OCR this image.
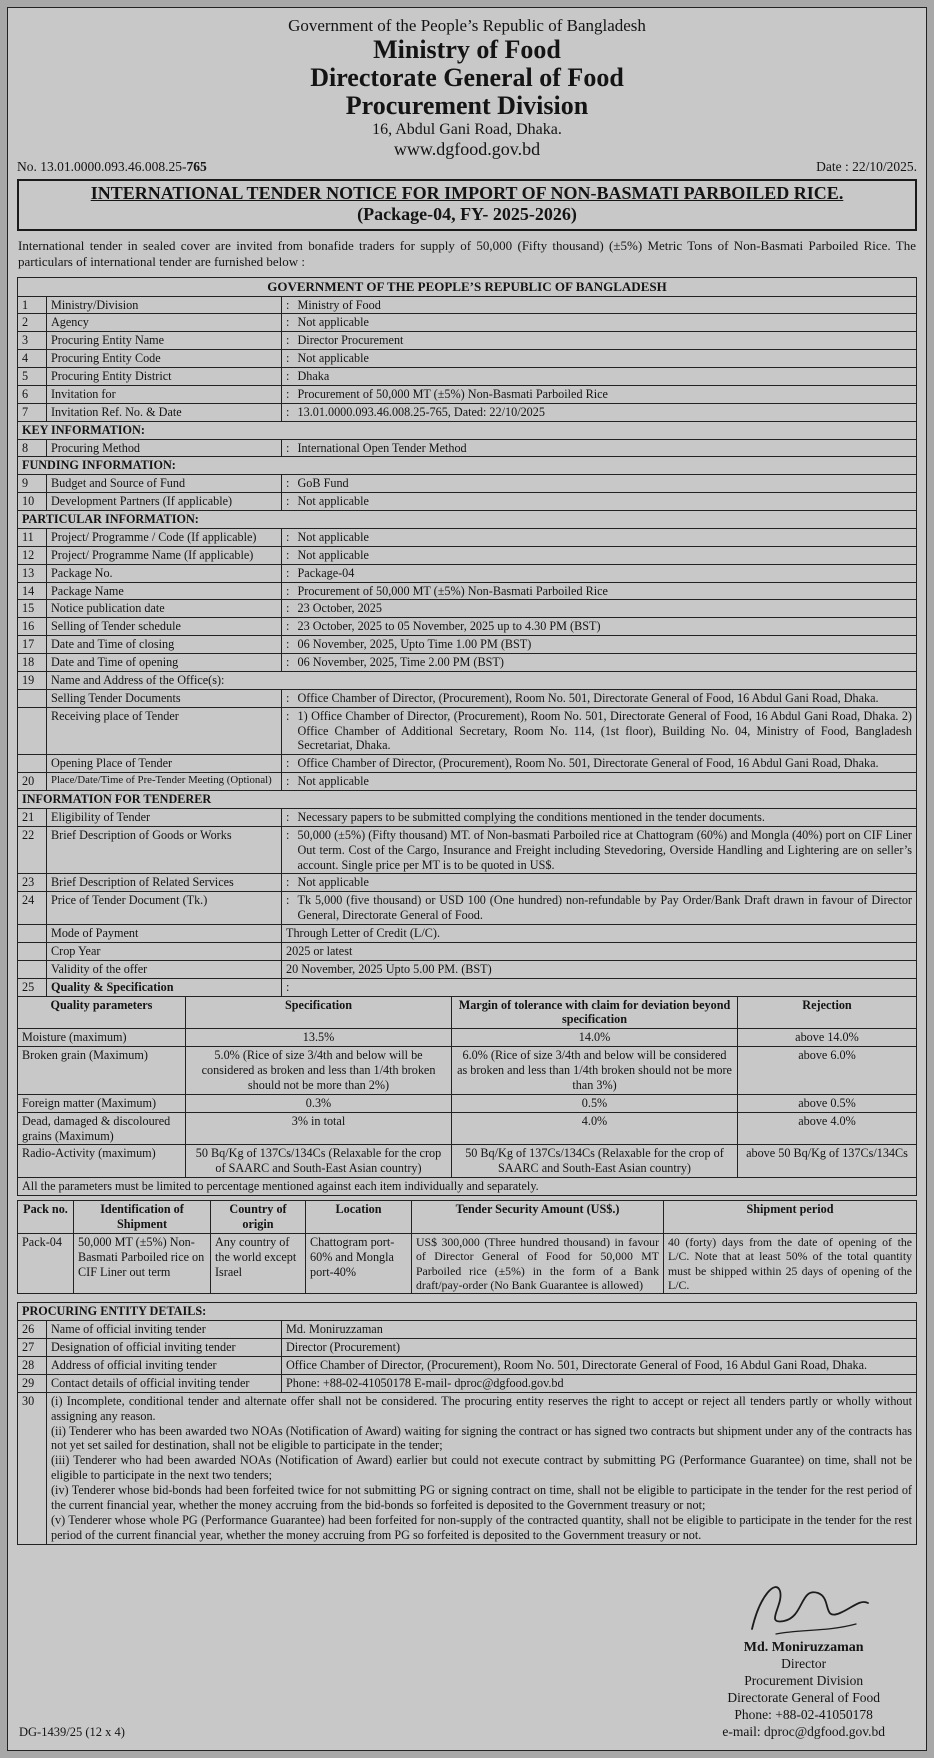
Government of the People’s Republic of Bangladesh
Ministry of Food
Directorate General of Food
Procurement Division
16, Abdul Gani Road, Dhaka.
www.dgfood.gov.bd
No. 13.01.0000.093.46.008.25-765	Date : 22/10/2025.
INTERNATIONAL TENDER NOTICE FOR IMPORT OF NON-BASMATI PARBOILED RICE.
(Package-04, FY- 2025-2026)
International tender in sealed cover are invited from bonafide traders for supply of 50,000 (Fifty thousand) (±5%) Metric Tons of Non-Basmati Parboiled Rice. The particulars of international tender are furnished below :
GOVERNMENT OF THE PEOPLE’S REPUBLIC OF BANGLADESH			
1	Ministry/Division	:	Ministry of Food
2	Agency	:	Not applicable
3	Procuring Entity Name	:	Director Procurement
4	Procuring Entity Code	:	Not applicable
5	Procuring Entity District	:	Dhaka
6	Invitation for	:	Procurement of 50,000 MT (±5%) Non-Basmati Parboiled Rice
7	Invitation Ref. No. & Date	:	13.01.0000.093.46.008.25-765, Dated: 22/10/2025
KEY INFORMATION:			
8	Procuring Method	:	International Open Tender Method
FUNDING INFORMATION:			
9	Budget and Source of Fund	:	GoB Fund
10	Development Partners (If applicable)	:	Not applicable
PARTICULAR INFORMATION:			
11	Project/ Programme / Code (If applicable)	:	Not applicable
12	Project/ Programme Name (If applicable)	:	Not applicable
13	Package No.	:	Package-04
14	Package Name	:	Procurement of 50,000 MT (±5%) Non-Basmati Parboiled Rice
15	Notice publication date	:	23 October, 2025
16	Selling of Tender schedule	:	23 October, 2025 to 05 November, 2025 up to 4.30 PM (BST)
17	Date and Time of closing	:	06 November, 2025, Upto Time 1.00 PM (BST)
18	Date and Time of opening	:	06 November, 2025, Time 2.00 PM (BST)
19	Name and Address of the Office(s):		
	Selling Tender Documents	:	Office Chamber of Director, (Procurement), Room No. 501, Directorate General of Food, 16 Abdul Gani Road, Dhaka.
	Receiving place of Tender	:	1) Office Chamber of Director, (Procurement), Room No. 501, Directorate General of Food, 16 Abdul Gani Road, Dhaka. 2) Office Chamber of Additional Secretary, Room No. 114, (1st floor), Building No. 04, Ministry of Food, Bangladesh Secretariat, Dhaka.
	Opening Place of Tender	:	Office Chamber of Director, (Procurement), Room No. 501, Directorate General of Food, 16 Abdul Gani Road, Dhaka.
20	Place/Date/Time of Pre-Tender Meeting (Optional)	:	Not applicable
INFORMATION FOR TENDERER			
21	Eligibility of Tender	:	Necessary papers to be submitted complying the conditions mentioned in the tender documents.
22	Brief Description of Goods or Works	:	50,000 (±5%) (Fifty thousand) MT. of Non-basmati Parboiled rice at Chattogram (60%) and Mongla (40%) port on CIF Liner Out term. Cost of the Cargo, Insurance and Freight including Stevedoring, Overside Handling and Lightering are on seller’s account. Single price per MT is to be quoted in US$.
23	Brief Description of Related Services	:	Not applicable
24	Price of Tender Document (Tk.)	:	Tk 5,000 (five thousand) or USD 100 (One hundred) non-refundable by Pay Order/Bank Draft drawn in favour of Director General, Directorate General of Food.
	Mode of Payment	Through Letter of Credit (L/C).	
	Crop Year	2025 or latest	
	Validity of the offer	20 November, 2025 Upto 5.00 PM. (BST)	
25	Quality & Specification	:	
Quality parameters	Specification	Margin of tolerance with claim for deviation beyond specification	Rejection
Moisture (maximum)	13.5%	14.0%	above 14.0%
Broken grain (Maximum)	5.0% (Rice of size 3/4th and below will be considered as broken and less than 1/4th broken should not be more than 2%)	6.0% (Rice of size 3/4th and below will be considered as broken and less than 1/4th broken should not be more than 3%)	above 6.0%
Foreign matter (Maximum)	0.3%	0.5%	above 0.5%
Dead, damaged & discoloured grains (Maximum)	3% in total	4.0%	above 4.0%
Radio-Activity (maximum)	50 Bq/Kg of 137Cs/134Cs (Relaxable for the crop of SAARC and South-East Asian country)	50 Bq/Kg of 137Cs/134Cs (Relaxable for the crop of SAARC and South-East Asian country)	above 50 Bq/Kg of 137Cs/134Cs
All the parameters must be limited to percentage mentioned against each item individually and separately.			
Pack no.	Identification of Shipment	Country of origin	Location	Tender Security Amount (US$.)	Shipment period
Pack-04	50,000 MT (±5%) Non-Basmati Parboiled rice on CIF Liner out term	Any country of the world except Israel	Chattogram port-60% and Mongla port-40%	US$ 300,000 (Three hundred thousand) in favour of Director General of Food for 50,000 MT Parboiled rice (±5%) in the form of a Bank draft/pay-order (No Bank Guarantee is allowed)	40 (forty) days from the date of opening of the L/C. Note that at least 50% of the total quantity must be shipped within 25 days of opening of the L/C.
PROCURING ENTITY DETAILS:		
26	Name of official inviting tender	Md. Moniruzzaman
27	Designation of official inviting tender	Director (Procurement)
28	Address of official inviting tender	Office Chamber of Director, (Procurement), Room No. 501, Directorate General of Food, 16 Abdul Gani Road, Dhaka.
29	Contact details of official inviting tender	Phone: +88-02-41050178 E-mail- dproc@dgfood.gov.bd
30	(i) Incomplete, conditional tender and alternate offer shall not be considered. The procuring entity reserves the right to accept or reject all tenders partly or wholly without assigning any reason.
(ii) Tenderer who has been awarded two NOAs (Notification of Award) waiting for signing the contract or has signed two contracts but shipment under any of the contracts has not yet set sailed for destination, shall not be eligible to participate in the tender;
(iii) Tenderer who had been awarded NOAs (Notification of Award) earlier but could not execute contract by submitting PG (Performance Guarantee) on time, shall not be eligible to participate in the next two tenders;
(iv) Tenderer whose bid-bonds had been forfeited twice for not submitting PG or signing contract on time, shall not be eligible to participate in the tender for the rest period of the current financial year, whether the money accruing from the bid-bonds so forfeited is deposited to the Government treasury or not;
(v) Tenderer whose whole PG (Performance Guarantee) had been forfeited for non-supply of the contracted quantity, shall not be eligible to participate in the tender for the rest period of the current financial year, whether the money accruing from PG so forfeited is deposited to the Government treasury or not.	
DG-1439/25 (12 x 4)
Md. Moniruzzaman
Director
Procurement Division
Directorate General of Food
Phone: +88-02-41050178
e-mail: dproc@dgfood.gov.bd
